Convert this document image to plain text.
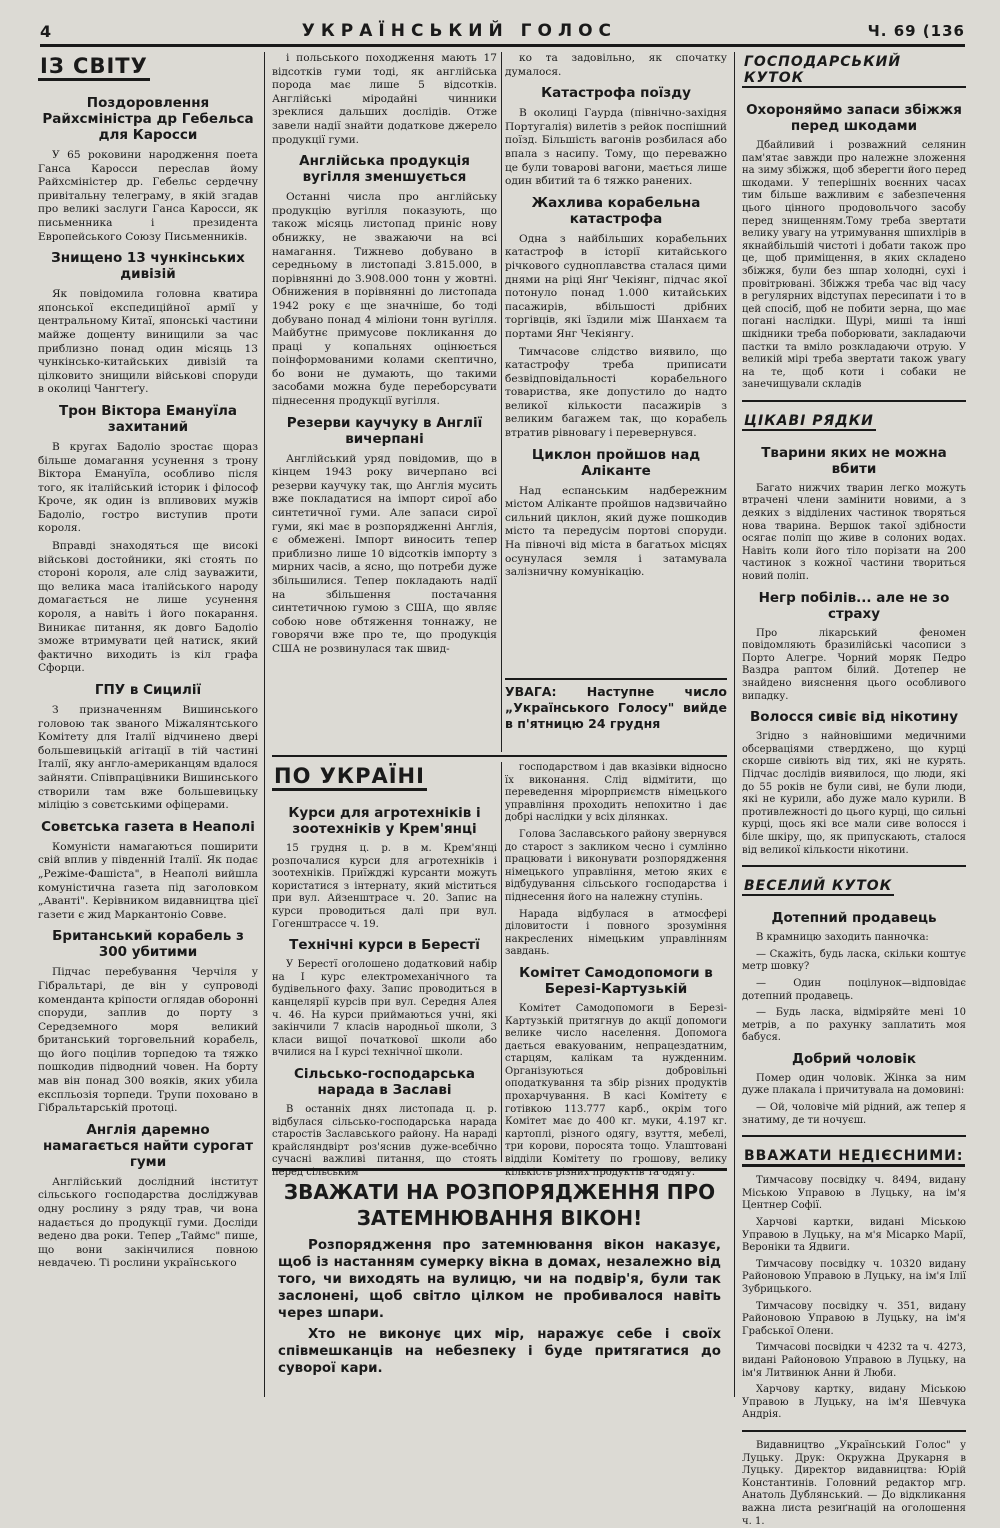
4	УКРАЇНСЬКИЙ ГОЛОС	Ч. 69 (136
ІЗ СВІТУ
Поздоровлення Райхсміністра др Гебельса для Каросси

У 65 роковини народження поета Ганса Каросси переслав йому Райхсміністер др. Гебельс сердечну привітальну телеграму, в якій згадав про великі заслуги Ганса Каросси, як письменника і президента Европейського Союзу Письменників.

Знищено 13 чункінських дивізій

Як повідомила головна кватира японської експедиційної армії у центральному Китаї, японські частини майже дощенту винищили за час приблизно понад один місяць 13 чункінсько-китайських дивізій та цілковито знищили військові споруди в околиці Чангтеґу.

Трон Віктора Емануїла захитаний

В кругах Бадоліо зростає щораз більше домагання усунення з трону Віктора Емануїла, особливо після того, як італійський історик і філософ Кроче, як один із впливових мужів Бадоліо, гостро виступив проти короля.

Вправді знаходяться ще високі військові достойники, які стоять по стороні короля, але слід зауважити, що велика маса італійського народу домагається не лише усунення короля, а навіть і його покарання. Виникає питання, як довго Бадоліо зможе втримувати цей натиск, який фактично виходить із кіл графа Сфорци.

ГПУ в Сицилії

З призначенням Вишинського головою так званого Міжалянтського Комітету для Італії відчинено двері большевицькій агітації в тій частині Італії, яку англо-американцям вдалося зайняти. Співпрацівники Вишинського створили там вже большевицьку міліцію з совєтськими офіцерами.

Совєтська газета в Неаполі

Комуністи намагаються поширити свій вплив у південній Італії. Як подає „Режіме-Фашіста", в Неаполі вийшла комуністична газета під заголовком „Аванті". Керівником видавництва цієї газети є жид Маркантоніо Совве.

Британський корабель з 300 убитими

Підчас перебування Черчіля у Гібральтарі, де він у супроводі коменданта кріпости оглядав оборонні споруди, заплив до порту з Середземного моря великий британський торговельний корабель, що його поцілив торпедою та тяжко пошкодив підводний човен. На борту мав він понад 300 вояків, яких убила експльозія торпеди. Трупи поховано в Гібральтарській протоці.

Англія даремно намагається найти сурогат гуми

Англійський дослідний інститут сільського господарства досліджував одну рослину з ряду трав, чи вона надається до продукції гуми. Досліди ведено два роки. Тепер „Таймс" пише, що вони закінчилися повною невдачею. Ті рослини українського

і польського походження мають 17 відсотків гуми тоді, як англійська порода має лише 5 відсотків. Англійські міродайні чинники зреклися дальших дослідів. Отже завели надії знайти додаткове джерело продукції гуми.

Англійська продукція вугілля зменшується

Останні числа про англійську продукцію вугілля показують, що також місяць листопад приніс нову обнижку, не зважаючи на всі намагання. Тижнево добувано в середньому в листопаді 3.815.000, в порівнянні до 3.908.000 тонн у жовтні. Обнижения в порівнянні до листопада 1942 року є ще значніше, бо тоді добувано понад 4 міліони тонн вугілля. Майбутнє примусове покликання до праці у копальнях оцінюється поінформованими колами скептично, бо вони не думають, що такими засобами можна буде переборсувати піднесення продукції вугілля.

Резерви каучуку в Англії вичерпані

Англійський уряд повідомив, що в кінцем 1943 року вичерпано всі резерви каучуку так, що Англія мусить вже покладатися на імпорт сирої або синтетичної гуми. Але запаси сирої гуми, які має в розпорядженні Англія, є обмежені. Імпорт виносить тепер приблизно лише 10 відсотків імпорту з мирних часів, а ясно, що потреби дуже збільшилися. Тепер покладають надії на збільшення постачання синтетичною гумою з США, що являє собою нове обтяження тоннажу, не говорячи вже про те, що продукція США не розвинулася так швид-

ко та задовільно, як спочатку думалося.

Катастрофа поїзду

В околиці Гаурда (північно-західня Португалія) вилетів з рейок поспішний поїзд. Більшість вагонів розбилася або впала з насипу. Тому, що переважно це були товарові вагони, мається лише один вбитий та 6 тяжко ранених.

Жахлива корабельна катастрофа

Одна з найбільших корабельних катастроф в історії китайського річкового судноплавства сталася цими днями на ріці Янґ Чекіянг, підчас якої потонуло понад 1.000 китайських пасажирів, вбільшості дрібних торгівців, які їздили між Шанхаєм та портами Янг Чекіянгу.

Тимчасове слідство виявило, що катастрофу треба приписати безвідповідальності корабельного товариства, яке допустило до надто великої кількости пасажирів з великим багажем так, що корабель втратив рівновагу і перевернувся.

Циклон пройшов над Аліканте

Над еспанським надбережним містом Аліканте пройшов надзвичайно сильний циклон, який дуже пошкодив місто та передусім портові споруди. На півночі від міста в багатьох місцях осунулася земля і затамувала залізничну комунікацію.

УВАГА: Наступне число „Українського Голосу" вийде в п'ятницю 24 грудня
ПО УКРАЇНІ
Курси для агротехніків і зоотехніків у Крем'янці

15 грудня ц. р. в м. Крем'янці розпочалися курси для агротехніків і зоотехніків. Приїжджі курсанти можуть користатися з інтернату, який міститься при вул. Айзенштрасе ч. 20. Запис на курси проводиться далі при вул. Гогенштрассе ч. 19.

Технічні курси в Берестї

У Берестї оголошено додатковий набір на І курс електромеханічного та будівельного фаху. Запис проводиться в канцелярії курсів при вул. Середня Алея ч. 46. На курси приймаються учні, які закінчили 7 класів народньої школи, 3 класи вищої початкової школи або вчилися на І курсі технічної школи.

Сільсько-господарська нарада в Заславі

В останніх днях листопада ц. р. відбулася сільсько-господарська нарада старостів Заславського району. На нараді крайсляндвірт роз'яснив дуже-всебічно сучасні важливі питання, що стоять перед сільським

господарством і дав вказівки відносно їх виконання. Слід відмітити, що переведення мірорприємств німецького управління проходить непохитно і дає добрі наслідки у всіх ділянках.

Голова Заславського району звернувся до старост з закликом чесно і сумлінно працювати і виконувати розпорядження німецького управління, метою яких є відбудування сільського господарства і піднесення його на належну ступінь.

Нарада відбулася в атмосфері діловитости і повного зрозуміння накреслених німецьким управлінням завдань.

Комітет Самодопомоги в Березі-Картузькій

Комітет Самодопомоги в Березі-Картузькій притягнув до акції допомоги велике число населення. Допомога дається евакуованим, непрацездатним, старцям, калікам та нужденним. Організуються добровільні оподаткування та збір різних продуктів прохарчування. В касі Комітету є готівкою 113.777 карб., окрім того Комітет має до 400 кг. муки, 4.197 кг. картоплі, різного одягу, взуття, мебелі, три корови, поросята тощо. Улаштовані відділи Комітету по грошову, велику кількість різних продуктів та одягу.

ЗВАЖАТИ НА РОЗПОРЯДЖЕННЯ ПРО ЗАТЕМНЮВАННЯ ВІКОН!
Розпорядження про затемнювання вікон наказує, щоб із настанням сумерку вікна в домах, незалежно від того, чи виходять на вулицю, чи на подвір'я, були так заслонені, щоб світло цілком не пробивалося навіть через шпари.
Хто не виконує цих мір, наражує себе і своїх співмешканців на небезпеку і буде притягатися до суворої кари.
ГОСПОДАРСЬКИЙ КУТОК
Охороняймо запаси збіжжя перед шкодами

Дбайливий і розважний селянин пам'ятає завжди про належне зложення на зиму збіжжя, щоб зберегти його перед шкодами. У теперішніх воєнних часах тим більше важливим є забезпечення цього цінного продовольчого засобу перед знищенням.Тому треба звертати велику увагу на утримування шпихлірів в якнайбільшій чистоті і добати також про це, щоб приміщення, в яких складено збіжжя, були без шпар холодні, сухі і провітрювані. Збіжжя треба час від часу в регулярних відступах пересипати і то в цей спосіб, щоб не побити зерна, що має погані наслідки. Щурі, миші та інші шкідники треба поборювати, закладаючи пастки та вміло розкладаючи отрую. У великій мірі треба звертати також увагу на те, щоб коти і собаки не занечищували складів

ЦІКАВІ РЯДКИ
Тварини яких не можна вбити

Багато нижчих тварин легко можуть втрачені члени замінити новими, а з деяких з відділених частинок творяться нова тварина. Вершок такої здібности осягає поліп що живе в солоних водах. Навіть коли його тіло порізати на 200 частинок з кожної частини твориться новий поліп.

Негр побілів... але не зо страху

Про лікарський феномен повідомляють бразилійські часописи з Порто Алегре. Чорний моряк Педро Ваздра раптом білий. Дотепер не знайдено вияснення цього особливого випадку.

Волосся сивіє від нікотину

Згідно з найновішими медичними обсерваціями стверджено, що курці скорше сивіють від тих, які не курять. Підчас дослідів виявилося, що люди, які до 55 років не були сиві, не були люди, які не курили, або дуже мало курили. В противлежності до цього курці, що сильні курці, щось які все мали сиве волосся і біле шкіру, що, як припускають, сталося від великої кількости нікотини.

ВЕСЕЛИЙ КУТОК
Дотепний продавець

В крамницю заходить панночка:

— Скажіть, будь ласка, скільки коштує метр шовку?

— Один поцілунок—відповідає дотепний продавець.

— Будь ласка, відміряйте мені 10 метрів, а по рахунку заплатить моя бабуся.

Добрий чоловік

Помер один чоловік. Жінка за ним дуже плакала і причитувала на домовині:

— Ой, чоловіче мій рідний, аж тепер я знатиму, де ти ночуєш.

ВВАЖАТИ НЕДІЄСНИМИ:

Тимчасову посвідку ч. 8494, видану Міською Управою в Луцьку, на ім'я Центнер Софії.

Харчові картки, видані Міською Управою в Луцьку, на м'я Місарко Марії, Вероніки та Ядвиги.

Тимчасову посвідку ч. 10320 видану Районовою Управою в Луцьку, на ім'я Ілії Зубрицького.

Тимчасову посвідку ч. 351, видану Районовою Управою в Луцьку, на ім'я Грабської Олени.

Тимчасові посвідки ч 4232 та ч. 4273, видані Районовою Управою в Луцьку, на ім'я Литвинюк Анни й Люби.

Харчову картку, видану Міською Управою в Луцьку, на ім'я Шевчука Андрія.

Видавництво „Український Голос" у Луцьку. Друк: Окружна Друкарня в Луцьку. Директор видавництва: Юрій Константинів. Головний редактор мгр. Анатоль Дублянський. — До відкликання важна листа резиґнацій на оголошення ч. 1.
